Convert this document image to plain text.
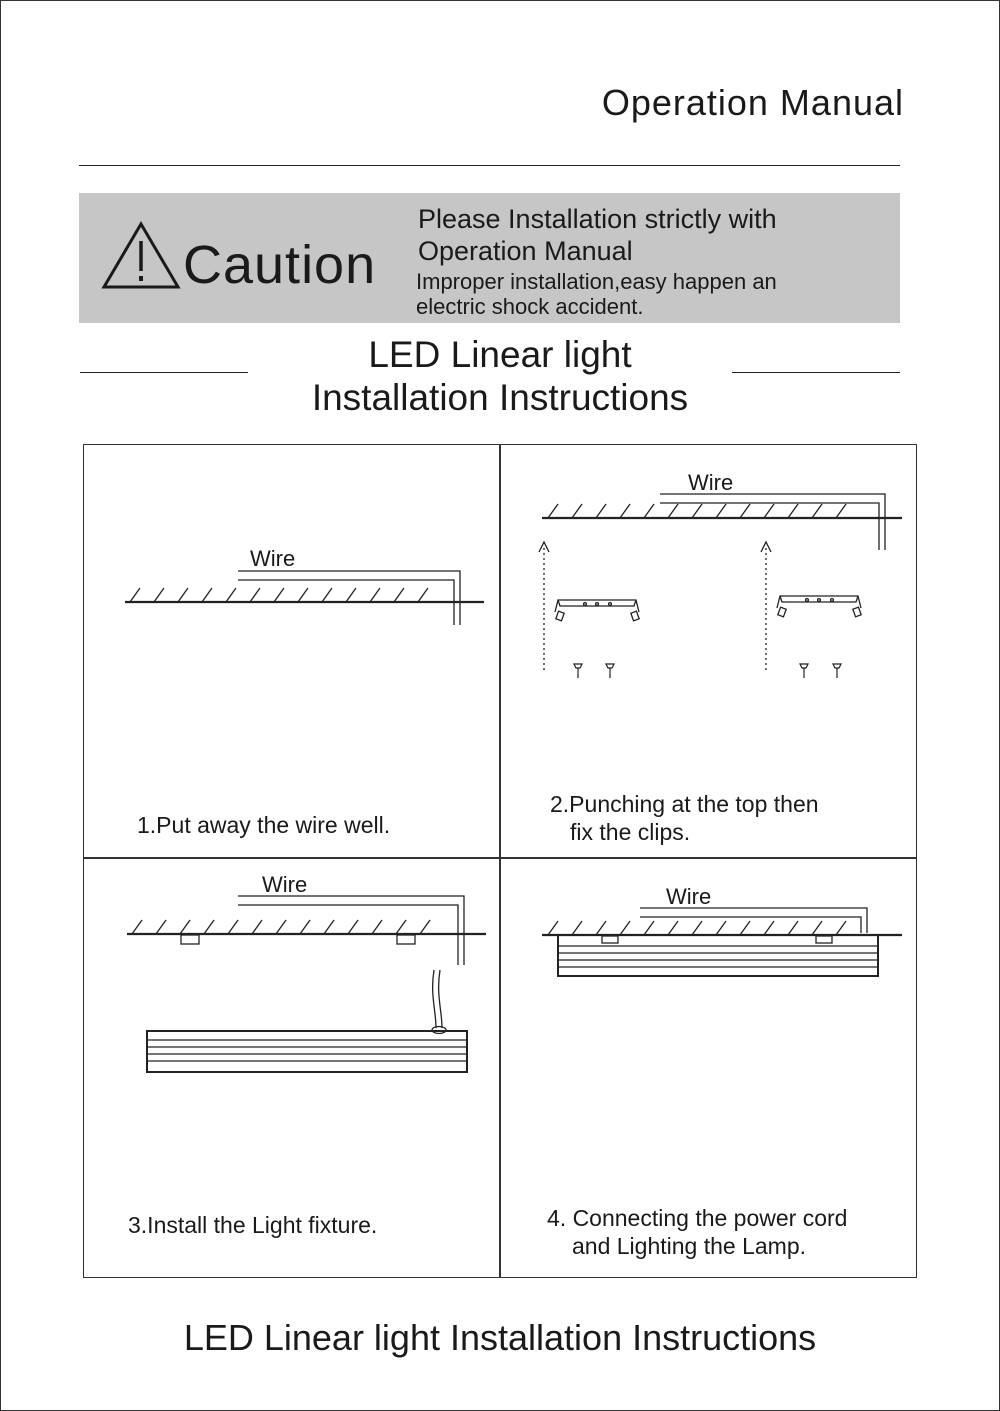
Operation Manual
Caution
Please Installation strictly with
Operation Manual
Improper installation,easy happen an
electric shock accident.
LED Linear light
Installation Instructions
Wire
Wire
Wire	Wire
1.Put away the wire well.
2.Punching at the top then
fix the clips.
3.Install the Light fixture.	4. Connecting the power cord
and Lighting the Lamp.
LED Linear light Installation Instructions
